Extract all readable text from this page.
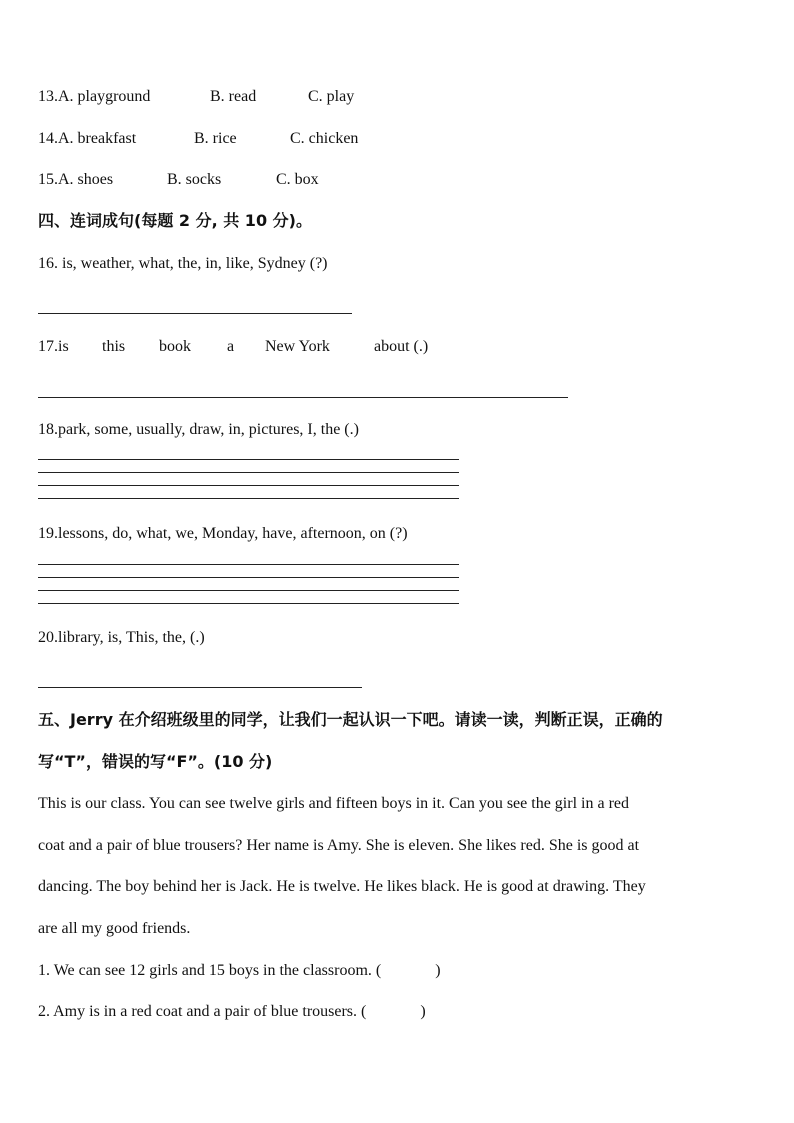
13.A. playground	B. read	C. play
14.A. breakfast	B. rice	C. chicken
15.A. shoes	B. socks	C. box
四、连词成句(每题 2 分, 共 10 分)。
16. is, weather, what, the, in, like, Sydney (?)
17.is this book a New York	about (.)
18.park, some, usually, draw, in, pictures, I, the (.)
19.lessons, do, what, we, Monday, have, afternoon, on (?)
20.library, is, This, the, (.)
五、Jerry 在介绍班级里的同学，让我们一起认识一下吧。请读一读，判断正误，正确的
写“T”，错误的写“F”。(10 分)
This is our class. You can see twelve girls and fifteen boys in it. Can you see the girl in a red
coat and a pair of blue trousers? Her name is Amy. She is eleven. She likes red. She is good at
dancing. The boy behind her is Jack. He is twelve. He likes black. He is good at drawing. They
are all my good friends.
1. We can see 12 girls and 15 boys in the classroom. (	)
2. Amy is in a red coat and a pair of blue trousers. (	)
